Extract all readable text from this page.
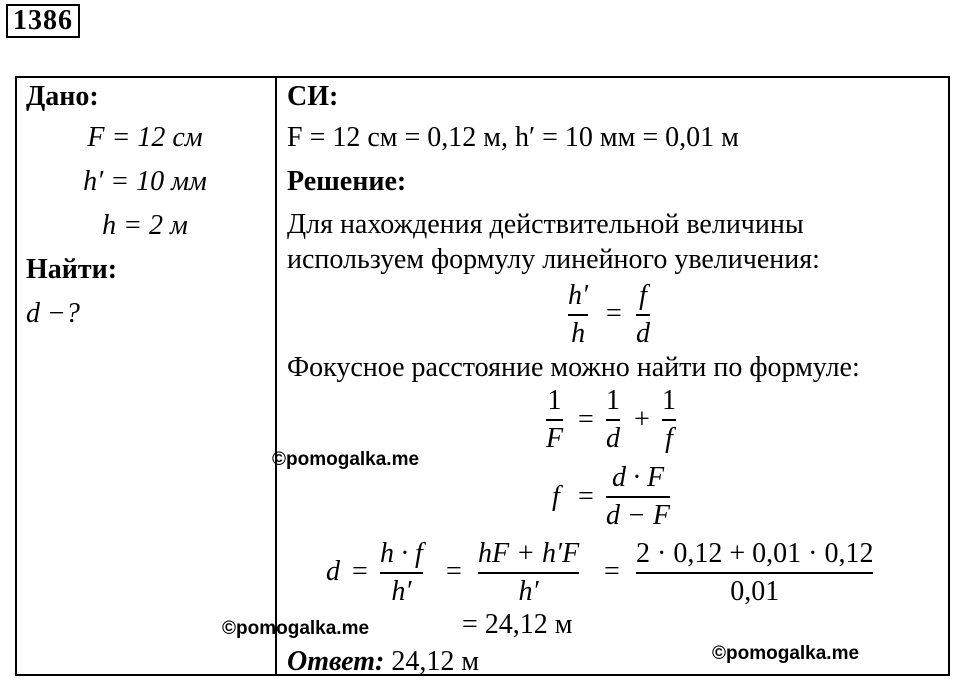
1386
Дано:
F = 12 см
h′ = 10 мм
h = 2 м
Найти:
d −?
СИ:
F = 12 см = 0,12 м, h′ = 10 мм = 0,01 м
Решение:
Для нахождения действительной величины
используем формулу линейного увеличения:
h′
h
=
f
d
Фокусное расстояние можно найти по формуле:
1
F
=
1
d
+
1
f
f =
d · F
d − F
d =
h · f
h′
=
hF + h′F
h′
=
2 · 0,12 + 0,01 · 0,12
0,01
= 24,12 м
Ответ: 24,12 м
©pomogalka.me
©pomogalka.me
©pomogalka.me
